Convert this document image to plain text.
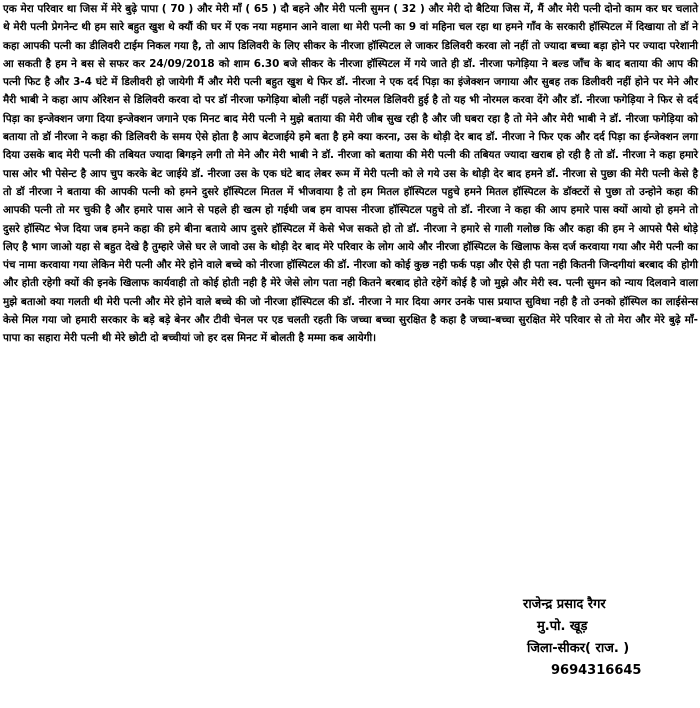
एक मेरा परिवार था जिस में मेरे बुढ़े पापा ( 70 ) और मेरी माँ ( 65 ) दौ बहने और मेरी पत्नी सुमन ( 32 ) और मेरी दो बैटिया जिस में, मैं और मेरी पत्नी दोनो काम कर घर चलाते थे मेरी पत्नी प्रेगनेन्ट थी हम सारे बहुत खुश थे क्यौं की घर में एक नया महमान आने वाला था मेरी पत्नी का 9 वां महिना चल रहा था हमने गाँव के सरकारी हॉस्पिटल में दिखाया तो डॉ ने कहा आपकी पत्नी का डीलिवरी टाईम निकल गया है, तो आप डिलिवरी के लिए सीकर के नीरजा हॉस्पिटल ले जाकर डिलिवरी करवा लो नहीं तो ज्यादा बच्चा बड़ा होने पर ज्यादा परेशानी आ सकती है हम ने बस से सफर कर 24/09/2018 को शाम 6.30 बजे सीकर के नीरजा हॉस्पिटल में गये जाते ही डॉ. नीरजा फगेड़िया ने बल्ड जाँच के बाद बताया की आप की पत्नी फिट है और 3-4 घंटे में डिलीवरी हो जायेगी मैं और मेरी पत्नी बहुत खुश थे फिर डॉ. नीरजा ने एक दर्द पिड़ा का इंजेक्शन जगाया और सुबह तक डिलीवरी नहीं होने पर मेने और मैरी भाबी ने कहा आप ऑरेशन से डिलिवरी करवा दो पर डॉ नीरजा फगेड़िया बोली नहीं पहले नोरमल डिलिवरी हुई है तो यह भी नोरमल करवा देंगे और डॉ. नीरजा फगेड़िया ने फिर से दर्द पिड़ा का इन्जेक्शन जगा दिया इन्जेक्शन जगाने एक मिनट बाद मेरी पत्नी ने मुझे बताया की मेरी जीब सुख रही है और जी घबरा रहा है तो मेने और मेरी भाबी ने डॉ. नीरजा फगेड़िया को बताया तो डॉ नीरजा ने कहा की डिलिवरी के समय ऐसे होता है आप बेटजाईये हमे बता है हमे क्या करना, उस के थोड़ी देर बाद डॉ. नीरजा ने फिर एक और दर्द पिड़ा का ईन्जेक्शन लगा दिया उसके बाद मेरी पत्नी की तबियत ज्यादा बिगड़ने लगी तो मेने और मेरी भाबी ने डॉ. नीरजा को बताया की मेरी पत्नी की तबियत ज्यादा खराब हो रही है तो डॉ. नीरजा ने कहा हमारे पास ओर भी पेसेन्ट है आप चुप करके बेट जाईये डॉ. नीरजा उस के एक घंटे बाद लेबर रूम में मेरी पत्नी को ले गये उस के थोड़ी देर बाद हमने डॉ. नीरजा से पुछा की मेरी पत्नी केसे है तो डॉ नीरजा ने बताया की आपकी पत्नी को हमने दुसरे हॉस्पिटल मितल में भीजवाया है तो हम मितल हॉस्पिटल पहुचे हमने मितल हॉस्पिटल के डॉक्टरों से पुछा तो उन्होने कहा की आपकी पत्नी तो मर चुकी है और हमारे पास आने से पहले ही खत्म हो गईथी जब हम वापस नीरजा हॉस्पिटल पहुचे तो डॉ. नीरजा ने कहा की आप हमारे पास क्यों आयो हो हमने तो दुसरे हॉस्पिट भेज दिया जब हमने कहा की हमे बीना बताये आप दुसरे हॉस्पिटल में केसे भेज सकते हो तो डॉ. नीरजा ने हमारे से गाली गलोछ कि और कहा की हम ने आपसे पैसे थोड़े लिए है भाग जाओ यहा से बहुत देखे है तुम्हारे जेसे घर ले जावो उस के थोड़ी देर बाद मेरे परिवार के लोग आये और नीरजा हॉस्पिटल के खिलाफ केस दर्ज करवाया गया और मेरी पत्नी का पंच नामा करवाया गया लेकिन मेरी पत्नी और मेरे होने वाले बच्चे को नीरजा हॉस्पिटल की डॉ. नीरजा को कोई कुछ नही फर्क पड़ा और ऐसे ही पता नही कितनी जिन्दगीयां बरबाद की होगी और होती रहेगी क्यों की इनके खिलाफ कार्यवाही तो कोई होती नही है मेरे जेसे लोग पता नही कितने बरबाद होते रहेगें कोई है जो मुझे और मेरी स्व. पत्नी सुमन को न्याय दिलवाने वाला मुझे बताओ क्या गलती थी मेरी पत्नी और मेरे होने वाले बच्चे की जो नीरजा हॉस्पिटल की डॉ. नीरजा ने मार दिया अगर उनके पास प्रयाप्त सुविधा नही है तो उनको हॉस्पिल का लाईसेन्स केसे मिल गया जो हमारी सरकार के बड़े बड़े बेनर और टीवी चेनल पर एड चलती रहती कि जच्चा बच्चा सुरक्षित है कहा है जच्चा-बच्चा सुरक्षित मेरे परिवार से तो मेरा और मेरे बुढ़े माँ-पापा का सहारा मेरी पत्नी थी मेरे छोटी दो बच्चीयां जो हर दस मिनट में बोलती है मम्मा कब आयेगी।

राजेन्द्र प्रसाद रैगर
मु.पो. खूड़
जिला-सीकर( राज. )
9694316645
